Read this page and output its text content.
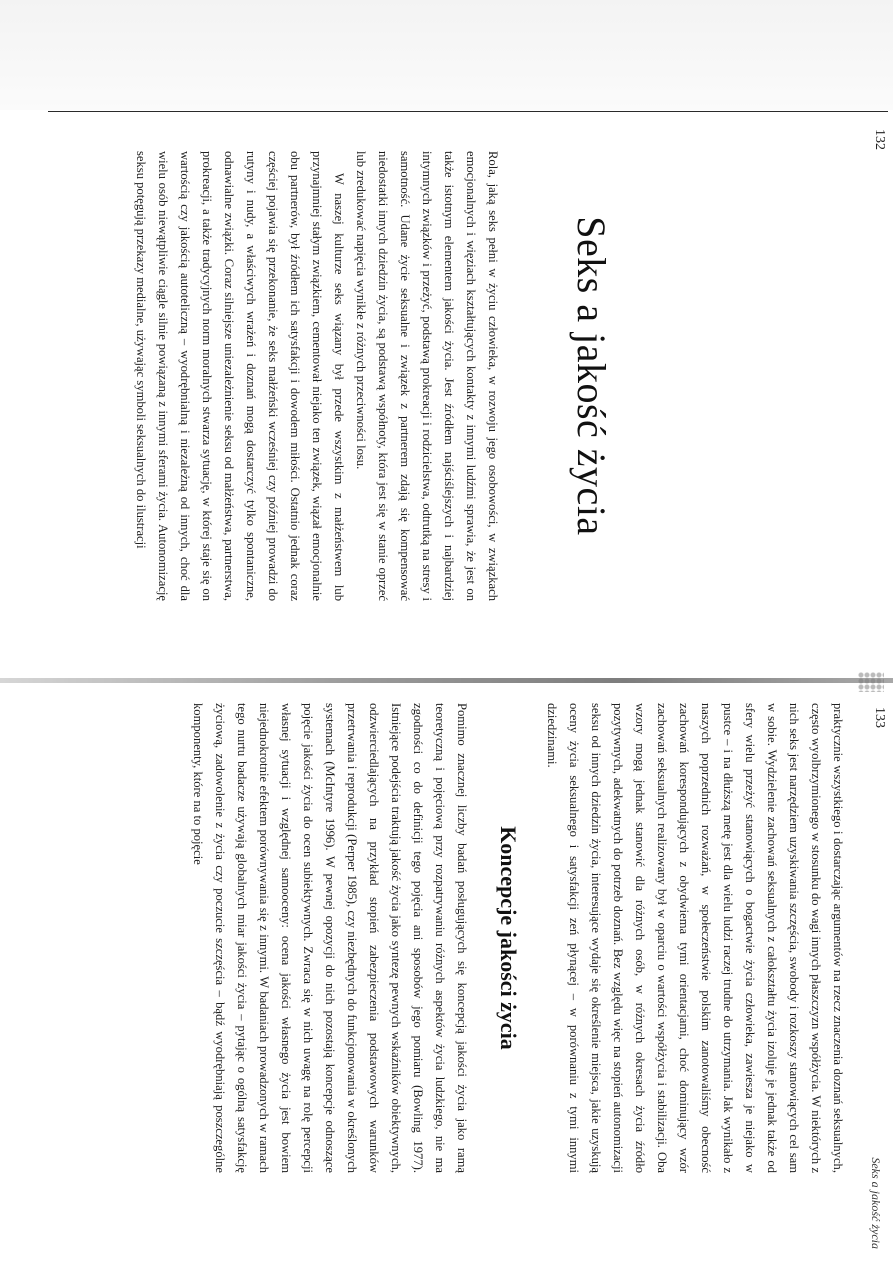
Seks a jakość życia

Rola, jaką seks pełni w życiu człowieka, w rozwoju jego osobowości, w związkach emocjonalnych i więziach kształtujących kontakty z innymi ludźmi sprawia, że jest on także istotnym elementem jakości życia. Jest źródłem najściślejszych i najbardziej intymnych związków i przeżyć, podstawą prokreacji i rodzicielstwa, odtrutką na stresy i samotność. Udane życie seksualne i związek z partnerem zdają się kompensować niedostatki innych dziedzin życia, są podstawą współnoty, która jest się w stanie oprzeć lub zredukować napięcia wynikłe z różnych przeciwności losu.

W naszej kulturze seks wiązany był przede wszystkim z małżeństwem lub przynajmniej stałym związkiem, cementował niejako ten związek, wiązał emocjonalnie obu partnerów, był źródłem ich satysfakcji i dowodem miłości. Ostatnio jednak coraz częściej pojawia się przekonanie, że seks małżeński wcześniej czy później prowadzi do rutyny i nudy, a właściwych wrażeń i doznań mogą dostarczyć tylko spontaniczne, odnawialne związki. Coraz silniejsze uniezależnienie seksu od małżeństwa, partnerstwa, prokreacji, a także tradycyjnych norm moralnych stwarza sytuację, w której staje się on wartością czy jakością autoteliczną – wyodrębnialną i niezależną od innych, choć dla wielu osób niewątpliwie ciągle silnie powiązaną z innymi sferami życia. Autonomizację seksu potęgują przekazy medialne, używając symboli seksualnych do ilustracji

132
Seks a jakość życia

praktycznie wszystkiego i dostarczając argumentów na rzecz znaczenia doznań seksualnych, często wyolbrzymionego w stosunku do wagi innych płaszczyzn współżycia. W niektórych z nich seks jest narzędziem uzyskiwania szczęścia, swobody i rozkoszy stanowiących cel sam w sobie. Wydzielenie zachowań seksualnych z całokształtu życia izoluje je jednak także od sfery wielu przeżyć stanowiących o bogactwie życia człowieka, zawiesza je niejako w pustce – i na dłuższą metę jest dla wielu ludzi raczej trudne do utrzymania. Jak wynikało z naszych poprzednich rozważań, w społeczeństwie polskim zanotowaliśmy obecność zachowań korespondujących z obydwiema tymi orientacjami, choć dominujący wzór zachowań seksualnych realizowany był w oparciu o wartości współżycia i stabilizacji. Oba wzory mogą jednak stanowić dla różnych osób, w różnych okresach życia źródło pozytywnych, adekwatnych do potrzeb doznań. Bez względu więc na stopień autonomizacji seksu od innych dziedzin życia, interesujące wydaje się określenie miejsca, jakie uzyskują oceny życia seksualnego i satysfakcji zeń płynącej – w porównaniu z tymi innymi dziedzinami.

Koncepcje jakości życia

Pomimo znacznej liczby badań posługujących się koncepcją jakości życia jako ramą teoretyczną i pojęciową przy rozpatrywaniu różnych aspektów życia ludzkiego, nie ma zgodności co do definicji tego pojęcia ani sposobów jego pomiaru (Bowling 1977). Istniejące podejścia traktują jakość życia jako syntezę pewnych wskaźników obiektywnych, odzwierciedlających na przykład stopień zabezpieczenia podstawowych warunków przetrwania i reprodukcji (Perper 1985), czy niezbędnych do funkcjonowania w określonych systemach (McIntyre 1996). W pewnej opozycji do nich pozostają koncepcje odnoszące pojęcie jakości życia do ocen subiektywnych. Zwraca się w nich uwagę na rolę percepcji własnej sytuacji i względnej samooceny: ocena jakości własnego życia jest bowiem niejednokrotnie efektem porównywania się z innymi. W badaniach prowadzonych w ramach tego nurtu badacze używają globalnych miar jakości życia – pytając o ogólną satysfakcję życiową, zadowolenie z życia czy poczucie szczęścia – bądź wyodrębniają poszczególne komponenty, które na to pojęcie	133
